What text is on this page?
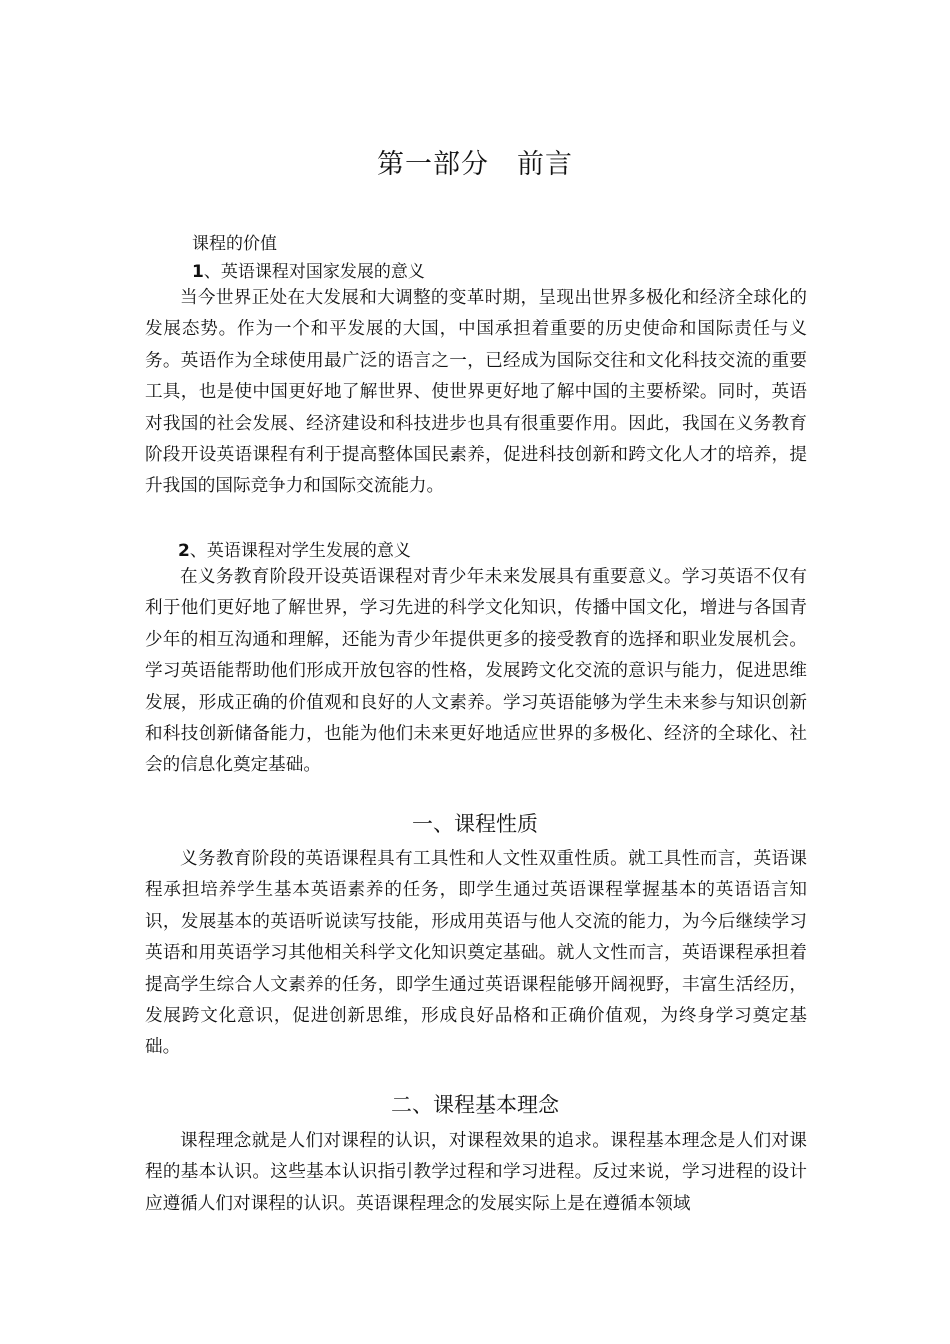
第一部分　前言
课程的价值
1、英语课程对国家发展的意义

当今世界正处在大发展和大调整的变革时期，呈现出世界多极化和经济全球化的发展态势。作为一个和平发展的大国，中国承担着重要的历史使命和国际责任与义务。英语作为全球使用最广泛的语言之一，已经成为国际交往和文化科技交流的重要工具，也是使中国更好地了解世界、使世界更好地了解中国的主要桥梁。同时，英语对我国的社会发展、经济建设和科技进步也具有很重要作用。因此，我国在义务教育阶段开设英语课程有利于提高整体国民素养，促进科技创新和跨文化人才的培养，提升我国的国际竞争力和国际交流能力。

2、英语课程对学生发展的意义

在义务教育阶段开设英语课程对青少年未来发展具有重要意义。学习英语不仅有利于他们更好地了解世界，学习先进的科学文化知识，传播中国文化，增进与各国青少年的相互沟通和理解，还能为青少年提供更多的接受教育的选择和职业发展机会。学习英语能帮助他们形成开放包容的性格，发展跨文化交流的意识与能力，促进思维发展，形成正确的价值观和良好的人文素养。学习英语能够为学生未来参与知识创新和科技创新储备能力，也能为他们未来更好地适应世界的多极化、经济的全球化、社会的信息化奠定基础。

一、课程性质

义务教育阶段的英语课程具有工具性和人文性双重性质。就工具性而言，英语课程承担培养学生基本英语素养的任务，即学生通过英语课程掌握基本的英语语言知识，发展基本的英语听说读写技能，形成用英语与他人交流的能力，为今后继续学习英语和用英语学习其他相关科学文化知识奠定基础。就人文性而言，英语课程承担着提高学生综合人文素养的任务，即学生通过英语课程能够开阔视野，丰富生活经历，发展跨文化意识，促进创新思维，形成良好品格和正确价值观，为终身学习奠定基础。

二、课程基本理念

课程理念就是人们对课程的认识，对课程效果的追求。课程基本理念是人们对课程的基本认识。这些基本认识指引教学过程和学习进程。反过来说，学习进程的设计应遵循人们对课程的认识。英语课程理念的发展实际上是在遵循本领域
